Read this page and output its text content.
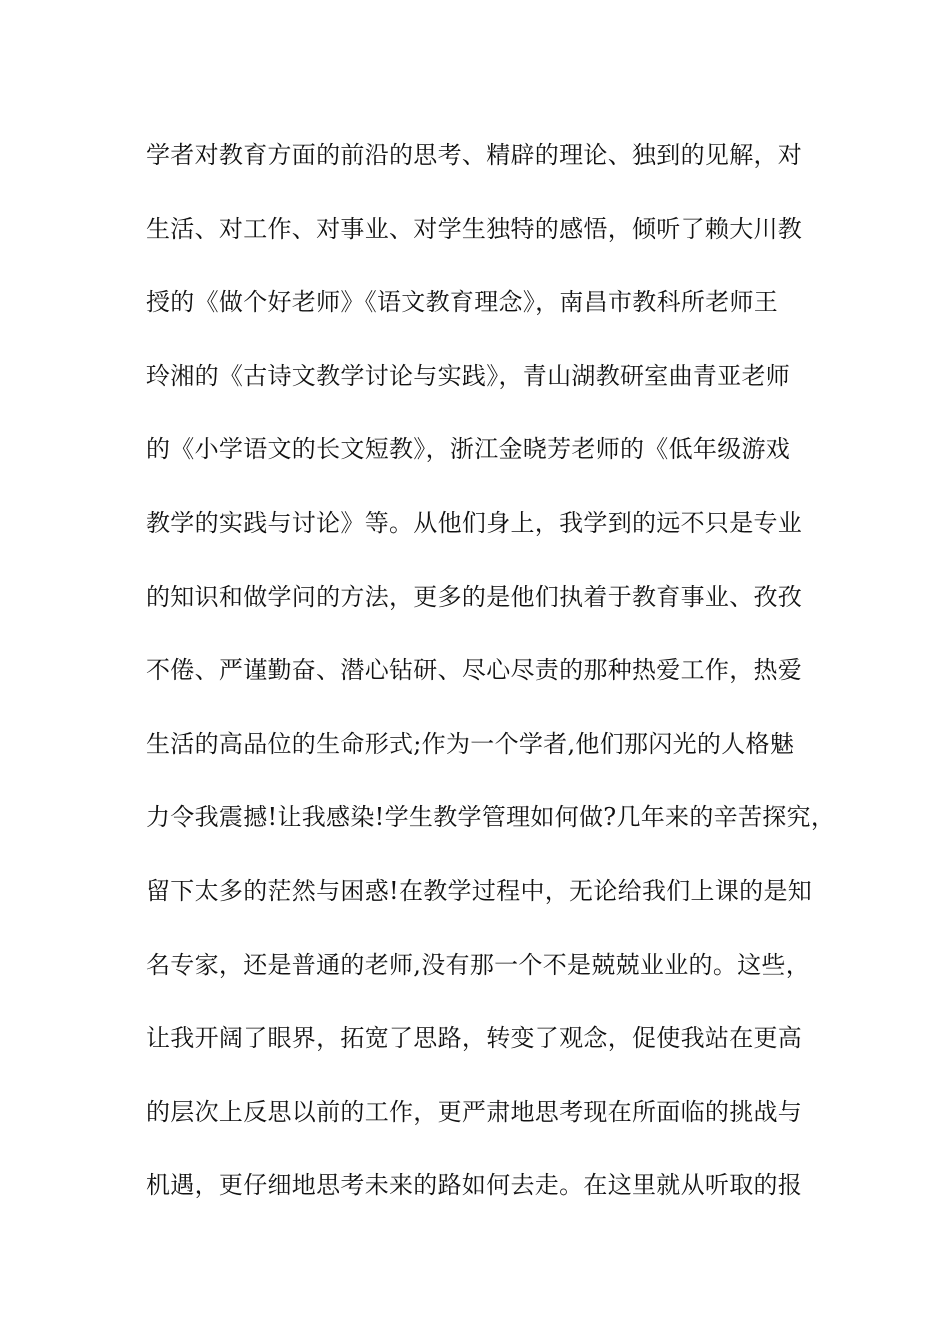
学者对教育方面的前沿的思考、精辟的理论、独到的见解，对
生活、对工作、对事业、对学生独特的感悟，倾听了赖大川教
授的《做个好老师》《语文教育理念》，南昌市教科所老师王
玲湘的《古诗文教学讨论与实践》，青山湖教研室曲青亚老师
的《小学语文的长文短教》，浙江金晓芳老师的《低年级游戏
教学的实践与讨论》等。从他们身上，我学到的远不只是专业
的知识和做学问的方法，更多的是他们执着于教育事业、孜孜
不倦、严谨勤奋、潜心钻研、尽心尽责的那种热爱工作，热爱
生活的高品位的生命形式;作为一个学者,他们那闪光的人格魅
力令我震撼!让我感染!学生教学管理如何做?几年来的辛苦探究，
留下太多的茫然与困惑!在教学过程中，无论给我们上课的是知
名专家，还是普通的老师,没有那一个不是兢兢业业的。这些，
让我开阔了眼界，拓宽了思路，转变了观念，促使我站在更高
的层次上反思以前的工作，更严肃地思考现在所面临的挑战与
机遇，更仔细地思考未来的路如何去走。在这里就从听取的报
